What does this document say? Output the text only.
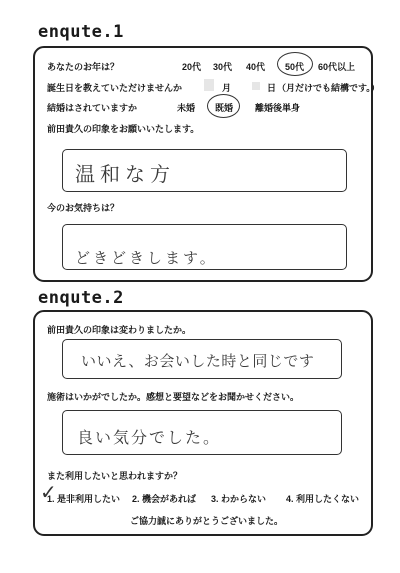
enqute.1
あなたのお年は？	20代 30代 40代 50代 60代以上
誕生日を教えていただけませんか	月	日 （月だけでも結構です。）
結婚はされていますか	未婚 既婚 離婚後単身
前田貴久の印象をお願いいたします。
温和な方
今のお気持ちは？
どきどきします。
enqute.2
前田貴久の印象は変わりましたか。
いいえ、お会いした時と同じです
施術はいかがでしたか。感想と要望などをお聞かせください。
良い気分でした。
また利用したいと思われますか？
1. 是非利用したい
✓	2. 機会があれば 3. わからない 4. 利用したくない
ご協力誠にありがとうございました。
